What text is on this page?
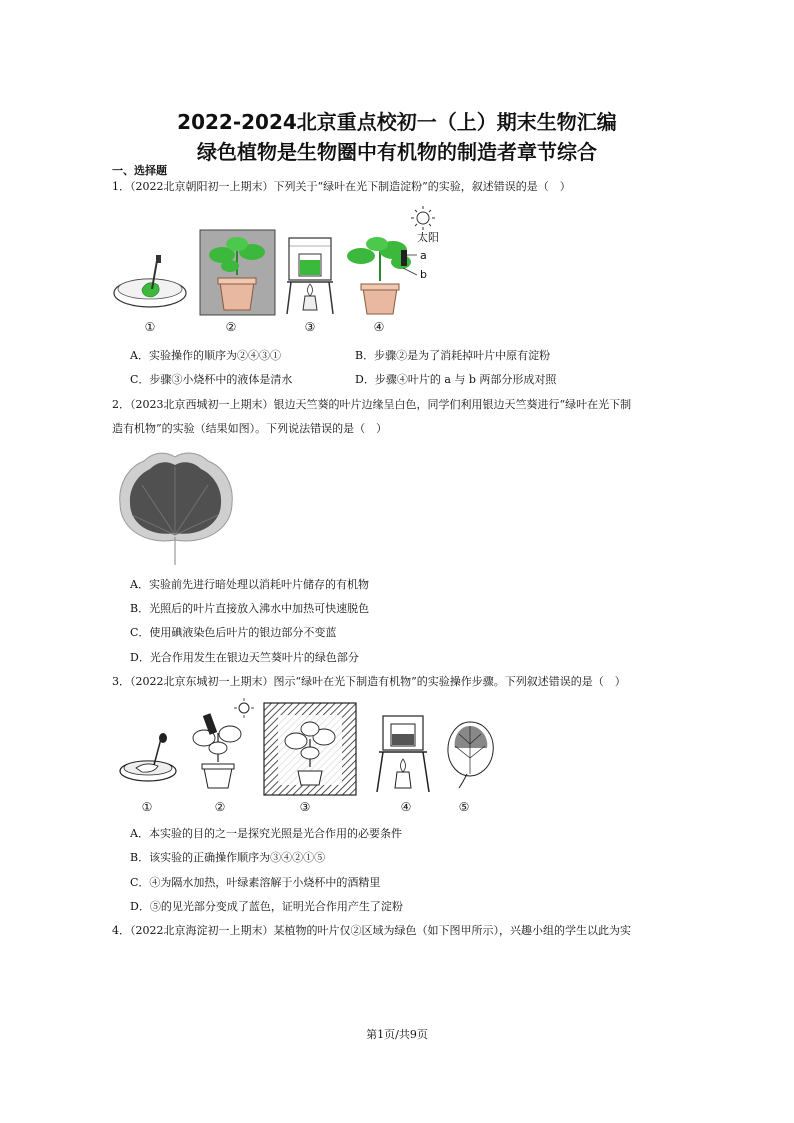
2022-2024北京重点校初一（上）期末生物汇编
绿色植物是生物圈中有机物的制造者章节综合
一、选择题
1．（2022北京朝阳初一上期末）下列关于“绿叶在光下制造淀粉”的实验，叙述错误的是（　）
①	②	③
太阳
a
b
④
A．实验操作的顺序为②④③①	B．步骤②是为了消耗掉叶片中原有淀粉
C．步骤③小烧杯中的液体是清水	D．步骤④叶片的 a 与 b 两部分形成对照
2．（2023北京西城初一上期末）银边天竺葵的叶片边缘呈白色，同学们利用银边天竺葵进行“绿叶在光下制
造有机物”的实验（结果如图）。下列说法错误的是（　）
A．实验前先进行暗处理以消耗叶片储存的有机物
B．光照后的叶片直接放入沸水中加热可快速脱色
C．使用碘液染色后叶片的银边部分不变蓝
D．光合作用发生在银边天竺葵叶片的绿色部分
3．（2022北京东城初一上期末）图示“绿叶在光下制造有机物”的实验操作步骤。下列叙述错误的是（　）
①	②	③	④	⑤
A．本实验的目的之一是探究光照是光合作用的必要条件
B．该实验的正确操作顺序为③④②①⑤
C．④为隔水加热，叶绿素溶解于小烧杯中的酒精里
D．⑤的见光部分变成了蓝色，证明光合作用产生了淀粉
4．（2022北京海淀初一上期末）某植物的叶片仅②区域为绿色（如下图甲所示），兴趣小组的学生以此为实
第1页/共9页
